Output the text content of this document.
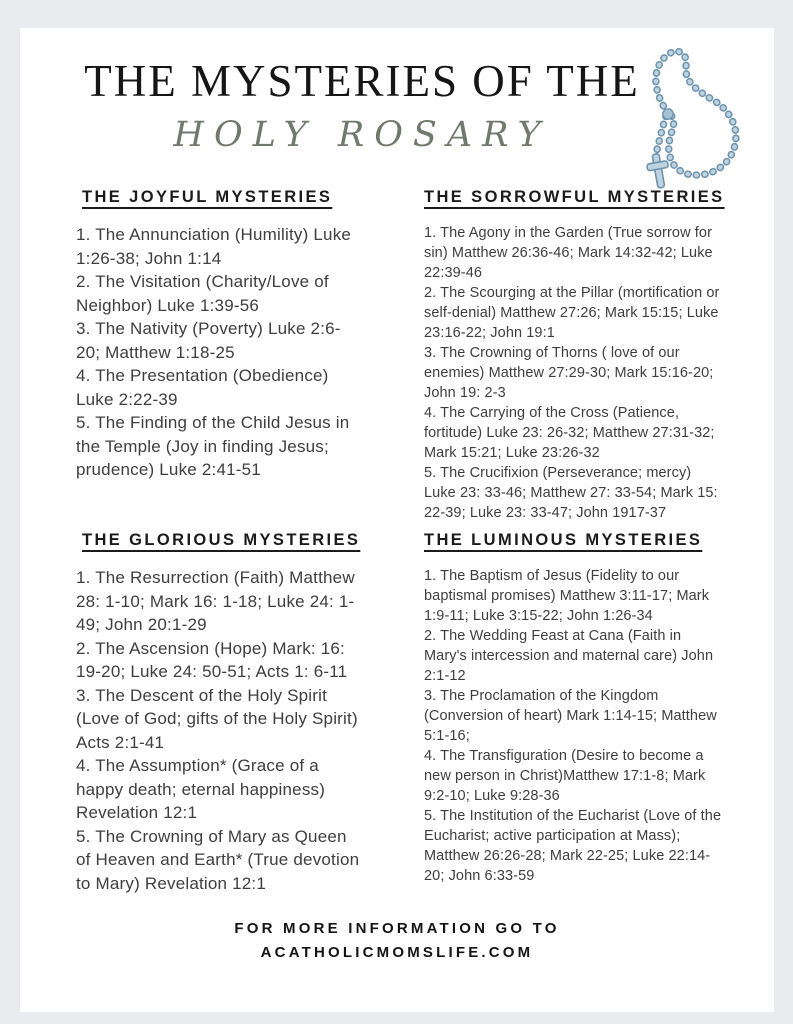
THE MYSTERIES OF THE
HOLY ROSARY
THE JOYFUL MYSTERIES

1. The Annunciation (Humility) Luke 1:26-38; John 1:14

2. The Visitation (Charity/Love of Neighbor) Luke 1:39-56

3. The Nativity (Poverty) Luke 2:6-20; Matthew 1:18-25

4. The Presentation (Obedience) Luke 2:22-39

5. The Finding of the Child Jesus in the Temple (Joy in finding Jesus; prudence) Luke 2:41-51

THE SORROWFUL MYSTERIES

1. The Agony in the Garden (True sorrow for sin) Matthew 26:36-46; Mark 14:32-42; Luke 22:39-46

2. The Scourging at the Pillar (mortification or self-denial) Matthew 27:26; Mark 15:15; Luke 23:16-22; John 19:1

3. The Crowning of Thorns ( love of our enemies) Matthew 27:29-30; Mark 15:16-20; John 19: 2-3

4. The Carrying of the Cross (Patience, fortitude) Luke 23: 26-32; Matthew 27:31-32; Mark 15:21; Luke 23:26-32

5. The Crucifixion (Perseverance; mercy) Luke 23: 33-46; Matthew 27: 33-54; Mark 15: 22-39; Luke 23: 33-47; John 1917-37

THE GLORIOUS MYSTERIES

1. The Resurrection (Faith) Matthew 28: 1-10; Mark 16: 1-18; Luke 24: 1-49; John 20:1-29

2. The Ascension (Hope) Mark: 16: 19-20; Luke 24: 50-51; Acts 1: 6-11

3. The Descent of the Holy Spirit (Love of God; gifts of the Holy Spirit) Acts 2:1-41

4. The Assumption* (Grace of a happy death; eternal happiness) Revelation 12:1

5. The Crowning of Mary as Queen of Heaven and Earth* (True devotion to Mary) Revelation 12:1

THE LUMINOUS MYSTERIES

1. The Baptism of Jesus (Fidelity to our baptismal promises) Matthew 3:11-17; Mark 1:9-11; Luke 3:15-22; John 1:26-34

2. The Wedding Feast at Cana (Faith in Mary's intercession and maternal care) John 2:1-12

3. The Proclamation of the Kingdom (Conversion of heart) Mark 1:14-15; Matthew 5:1-16;

4. The Transfiguration (Desire to become a new person in Christ)Matthew 17:1-8; Mark 9:2-10; Luke 9:28-36

5. The Institution of the Eucharist (Love of the Eucharist; active participation at Mass); Matthew 26:26-28; Mark 22-25; Luke 22:14-20; John 6:33-59

FOR MORE INFORMATION GO TO
ACATHOLICMOMSLIFE.COM
